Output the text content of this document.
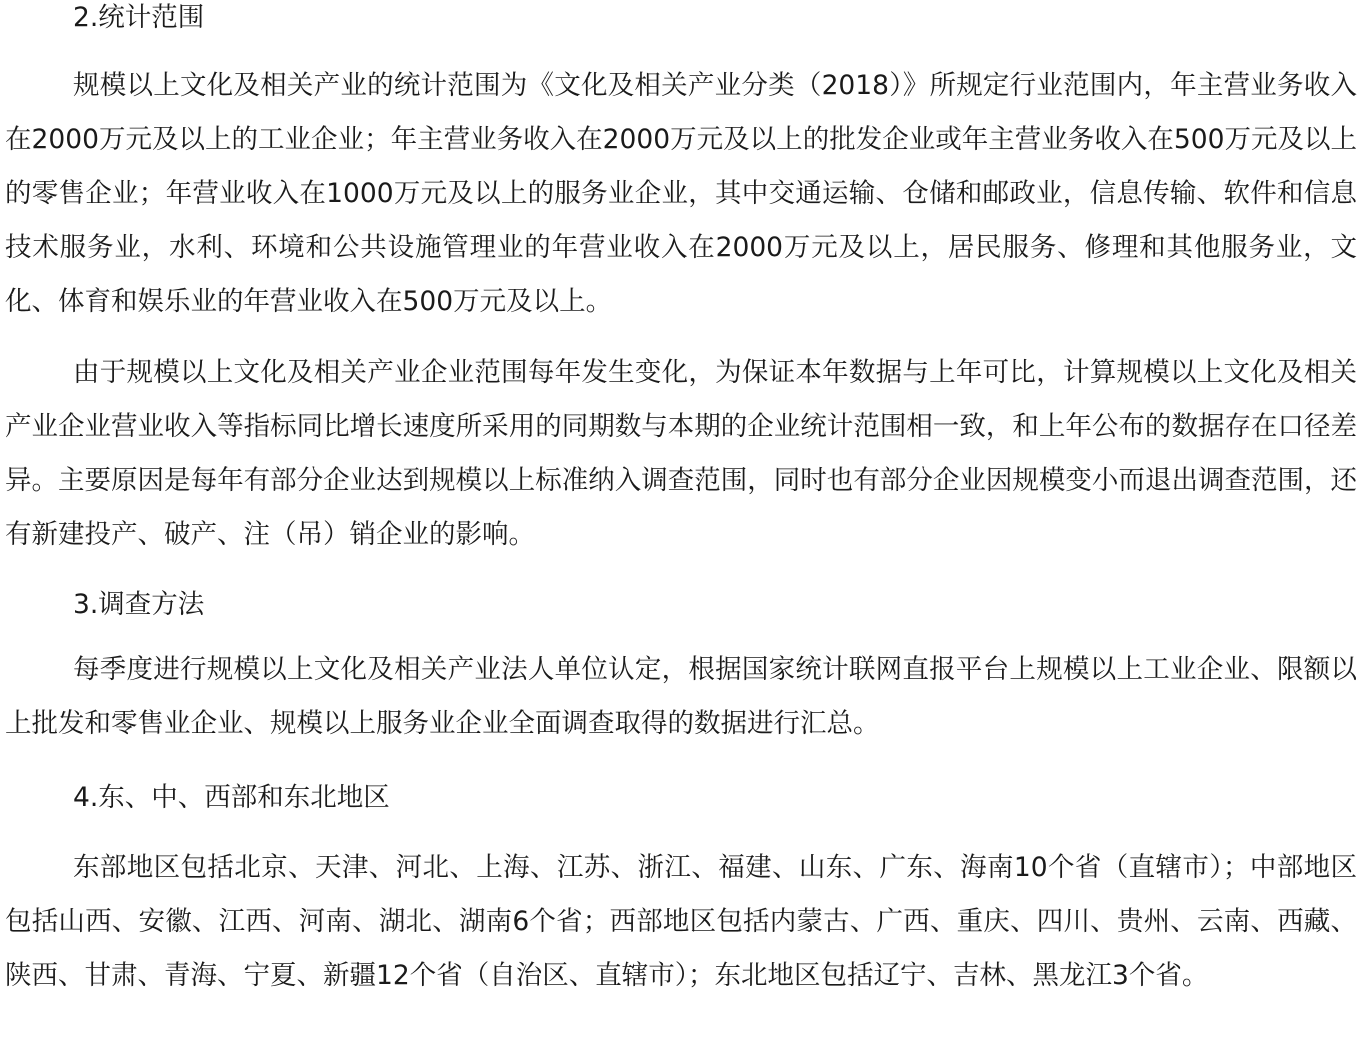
2.统计范围

规模以上文化及相关产业的统计范围为《文化及相关产业分类（2018）》所规定行业范围内，年主营业务收入在2000万元及以上的工业企业；年主营业务收入在2000万元及以上的批发企业或年主营业务收入在500万元及以上的零售企业；年营业收入在1000万元及以上的服务业企业，其中交通运输、仓储和邮政业，信息传输、软件和信息技术服务业，水利、环境和公共设施管理业的年营业收入在2000万元及以上，居民服务、修理和其他服务业，文化、体育和娱乐业的年营业收入在500万元及以上。

由于规模以上文化及相关产业企业范围每年发生变化，为保证本年数据与上年可比，计算规模以上文化及相关产业企业营业收入等指标同比增长速度所采用的同期数与本期的企业统计范围相一致，和上年公布的数据存在口径差异。主要原因是每年有部分企业达到规模以上标准纳入调查范围，同时也有部分企业因规模变小而退出调查范围，还有新建投产、破产、注（吊）销企业的影响。

3.调查方法

每季度进行规模以上文化及相关产业法人单位认定，根据国家统计联网直报平台上规模以上工业企业、限额以上批发和零售业企业、规模以上服务业企业全面调查取得的数据进行汇总。

4.东、中、西部和东北地区

东部地区包括北京、天津、河北、上海、江苏、浙江、福建、山东、广东、海南10个省（直辖市）；中部地区包括山西、安徽、江西、河南、湖北、湖南6个省；西部地区包括内蒙古、广西、重庆、四川、贵州、云南、西藏、陕西、甘肃、青海、宁夏、新疆12个省（自治区、直辖市）；东北地区包括辽宁、吉林、黑龙江3个省。
